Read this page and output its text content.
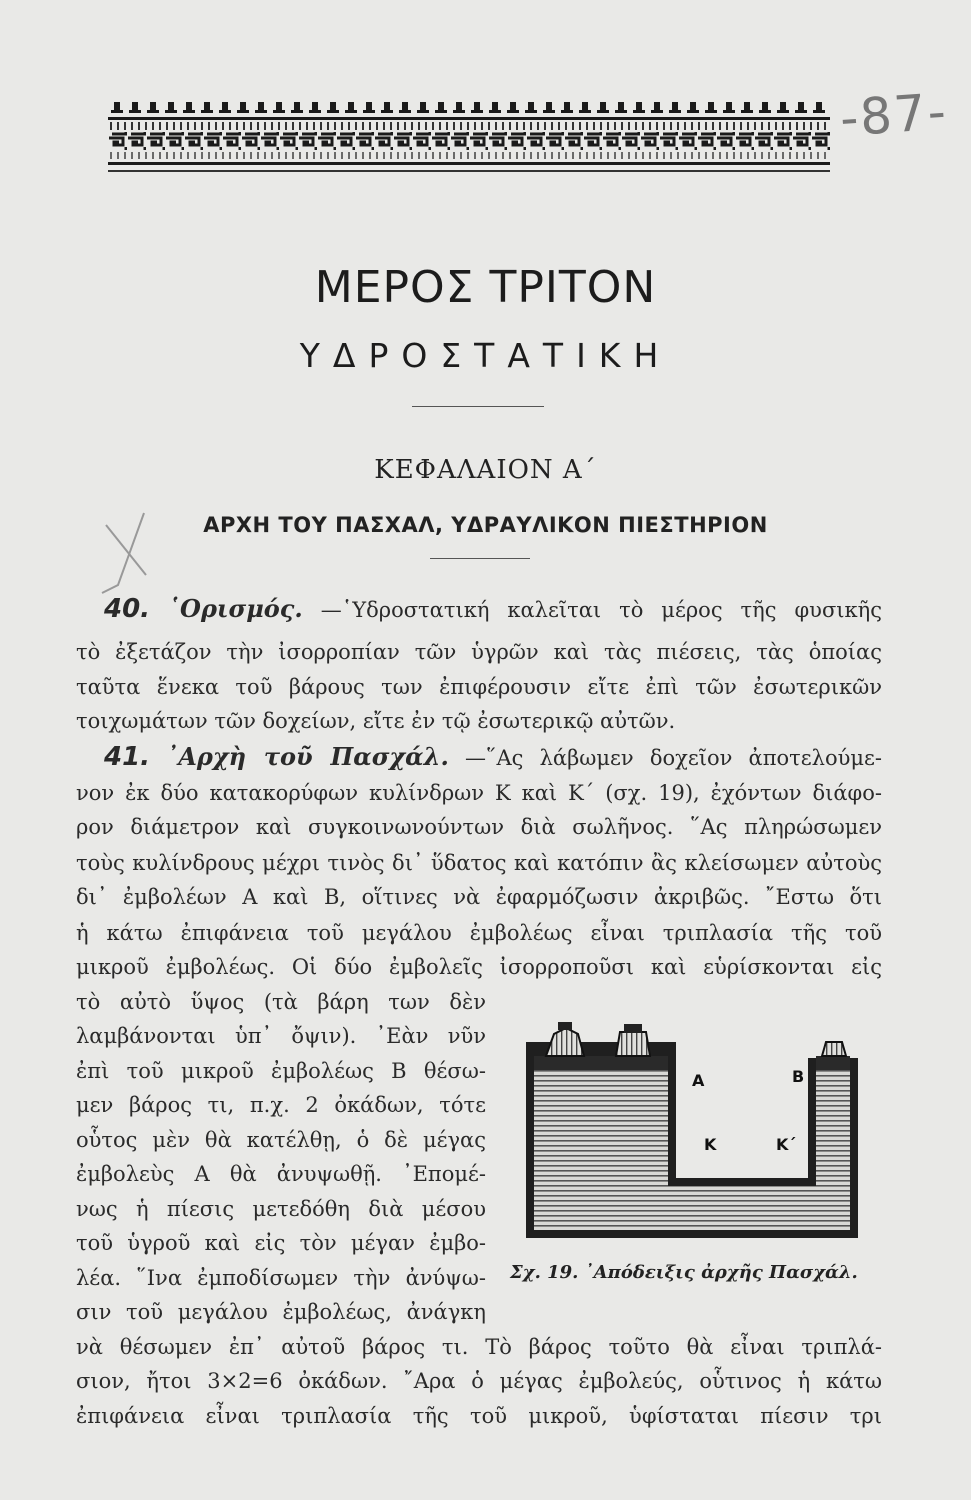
-87-
ΜΕΡΟΣ ΤΡΙΤΟΝ
ΥΔΡΟΣΤΑΤΙΚΗ
ΚΕΦΑΛΑΙΟΝ Α΄
ΑΡΧΗ ΤΟΥ ΠΑΣΧΑΛ, ΥΔΡΑΥΛΙΚΟΝ ΠΙΕΣΤΗΡΙΟΝ
40. ῾Ορισμός. —῾Υδροστατική καλεῖται τὸ μέρος τῆς φυσικῆς
τὸ ἐξετάζον τὴν ἰσορροπίαν τῶν ὑγρῶν καὶ τὰς πιέσεις, τὰς ὁποίας
ταῦτα ἕνεκα τοῦ βάρους των ἐπιφέρουσιν εἴτε ἐπὶ τῶν ἐσωτερικῶν
τοιχωμάτων τῶν δοχείων, εἴτε ἐν τῷ ἐσωτερικῷ αὐτῶν.
41. ᾿Αρχὴ τοῦ Πασχάλ. —῞Ας λάβωμεν δοχεῖον ἀποτελούμε-
νον ἐκ δύο κατακορύφων κυλίνδρων Κ καὶ Κ΄ (σχ. 19), ἐχόντων διάφο-
ρον διάμετρον καὶ συγκοινωνούντων διὰ σωλῆνος. ῞Ας πληρώσωμεν
τοὺς κυλίνδρους μέχρι τινὸς δι᾿ ὕδατος καὶ κατόπιν ἂς κλείσωμεν αὐτοὺς
δι᾿ ἐμβολέων Α καὶ Β, οἵτινες νὰ ἐφαρμόζωσιν ἀκριβῶς. ῎Εστω ὅτι
ἡ κάτω ἐπιφάνεια τοῦ μεγάλου ἐμβολέως εἶναι τριπλασία τῆς τοῦ
μικροῦ ἐμβολέως. Οἱ δύο ἐμβολεῖς ἰσορροποῦσι καὶ εὑρίσκονται εἰς
τὸ αὐτὸ ὕψος (τὰ βάρη των δὲν
λαμβάνονται ὑπ᾿ ὄψιν). ᾿Εὰν νῦν
ἐπὶ τοῦ μικροῦ ἐμβολέως Β θέσω-
μεν βάρος τι, π.χ. 2 ὀκάδων, τότε
οὗτος μὲν θὰ κατέλθῃ, ὁ δὲ μέγας
ἐμβολεὺς Α θὰ ἀνυψωθῇ. ᾿Επομέ-
νως ἡ πίεσις μετεδόθη διὰ μέσου
τοῦ ὑγροῦ καὶ εἰς τὸν μέγαν ἐμβο-
λέα. ῞Ινα ἐμποδίσωμεν τὴν ἀνύψω-
σιν τοῦ μεγάλου ἐμβολέως, ἀνάγκη
νὰ θέσωμεν ἐπ᾿ αὐτοῦ βάρος τι. Τὸ βάρος τοῦτο θὰ εἶναι τριπλά-
σιον, ἤτοι 3×2=6 ὀκάδων. ῎Αρα ὁ μέγας ἐμβολεύς, οὗτινος ἡ κάτω
ἐπιφάνεια εἶναι τριπλασία τῆς τοῦ μικροῦ, ὑφίσταται πίεσιν τρι
Α	Β
Κ	Κ΄
Σχ. 19. ᾿Απόδειξις ἀρχῆς Πασχάλ.
